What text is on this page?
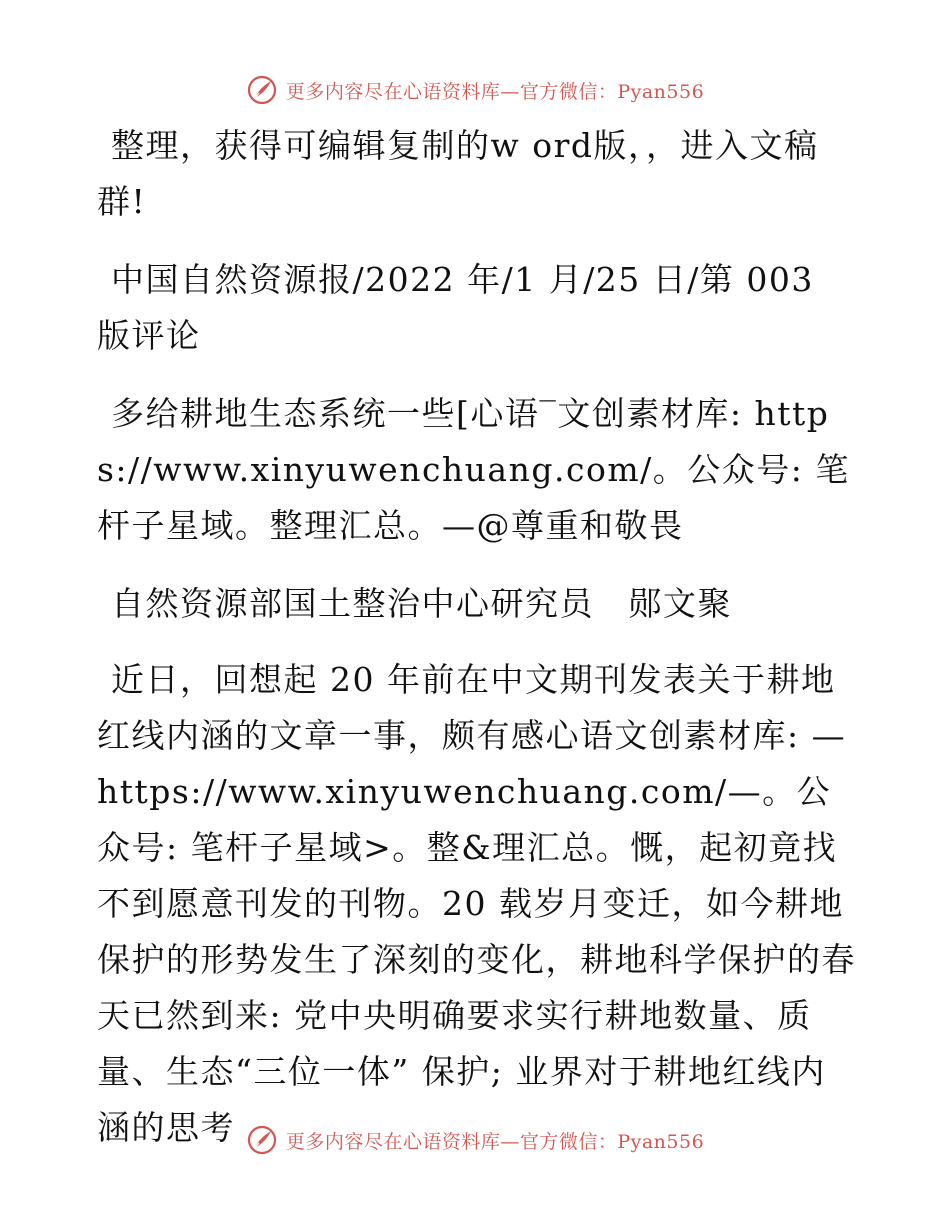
更多内容尽在心语资料库—官方微信：Pyan556

整理，获得可编辑复制的w ord版，，进入文稿群!

中国自然资源报/2022 年/1 月/25 日/第 003 版评论

多给耕地生态系统一些[心语‾文创素材库: https://www.xinyuwenchuang.com/。公众号: 笔杆子星域。整理汇总。—@尊重和敬畏

自然资源部国土整治中心研究员　郧文聚

近日，回想起 20 年前在中文期刊发表关于耕地红线内涵的文章一事，颇有感心语文创素材库: —https://www.xinyuwenchuang.com/—。公众号: 笔杆子星域>。整&理汇总。慨，起初竟找不到愿意刊发的刊物。20 载岁月变迁，如今耕地保护的形势发生了深刻的变化，耕地科学保护的春天已然到来: 党中央明确要求实行耕地数量、质量、生态“三位一体” 保护; 业界对于耕地红线内涵的思考	更多内容尽在心语资料库—官方微信：Pyan556
